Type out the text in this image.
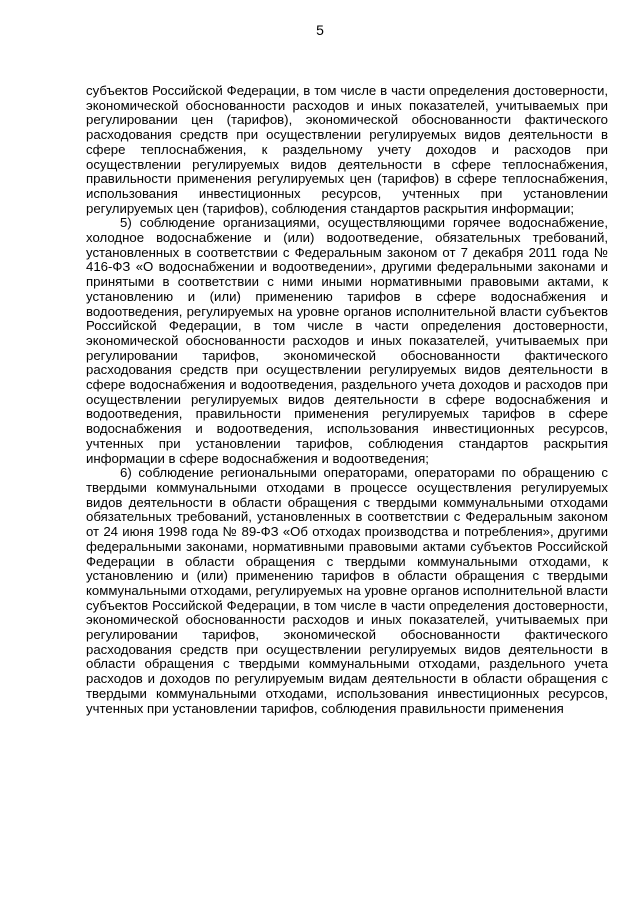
5

субъектов Российской Федерации, в том числе в части определения достоверности, экономической обоснованности расходов и иных показателей, учитываемых при регулировании цен (тарифов), экономической обоснованности фактического расходования средств при осуществлении регулируемых видов деятельности в сфере теплоснабжения, к раздельному учету доходов и расходов при осуществлении регулируемых видов деятельности в сфере теплоснабжения, правильности применения регулируемых цен (тарифов) в сфере теплоснабжения, использования инвестиционных ресурсов, учтенных при установлении регулируемых цен (тарифов), соблюдения стандартов раскрытия информации;

5) соблюдение организациями, осуществляющими горячее водоснабжение, холодное водоснабжение и (или) водоотведение, обязательных требований, установленных в соответствии с Федеральным законом от 7 декабря 2011 года № 416-ФЗ «О водоснабжении и водоотведении», другими федеральными законами и принятыми в соответствии с ними иными нормативными правовыми актами, к установлению и (или) применению тарифов в сфере водоснабжения и водоотведения, регулируемых на уровне органов исполнительной власти субъектов Российской Федерации, в том числе в части определения достоверности, экономической обоснованности расходов и иных показателей, учитываемых при регулировании тарифов, экономической обоснованности фактического расходования средств при осуществлении регулируемых видов деятельности в сфере водоснабжения и водоотведения, раздельного учета доходов и расходов при осуществлении регулируемых видов деятельности в сфере водоснабжения и водоотведения, правильности применения регулируемых тарифов в сфере водоснабжения и водоотведения, использования инвестиционных ресурсов, учтенных при установлении тарифов, соблюдения стандартов раскрытия информации в сфере водоснабжения и водоотведения;

6) соблюдение региональными операторами, операторами по обращению с твердыми коммунальными отходами в процессе осуществления регулируемых видов деятельности в области обращения с твердыми коммунальными отходами обязательных требований, установленных в соответствии с Федеральным законом от 24 июня 1998 года № 89-ФЗ «Об отходах производства и потребления», другими федеральными законами, нормативными правовыми актами субъектов Российской Федерации в области обращения с твердыми коммунальными отходами, к установлению и (или) применению тарифов в области обращения с твердыми коммунальными отходами, регулируемых на уровне органов исполнительной власти субъектов Российской Федерации, в том числе в части определения достоверности, экономической обоснованности расходов и иных показателей, учитываемых при регулировании тарифов, экономической обоснованности фактического расходования средств при осуществлении регулируемых видов деятельности в области обращения с твердыми коммунальными отходами, раздельного учета расходов и доходов по регулируемым видам деятельности в области обращения с твердыми коммунальными отходами, использования инвестиционных ресурсов, учтенных при установлении тарифов, соблюдения правильности применения
